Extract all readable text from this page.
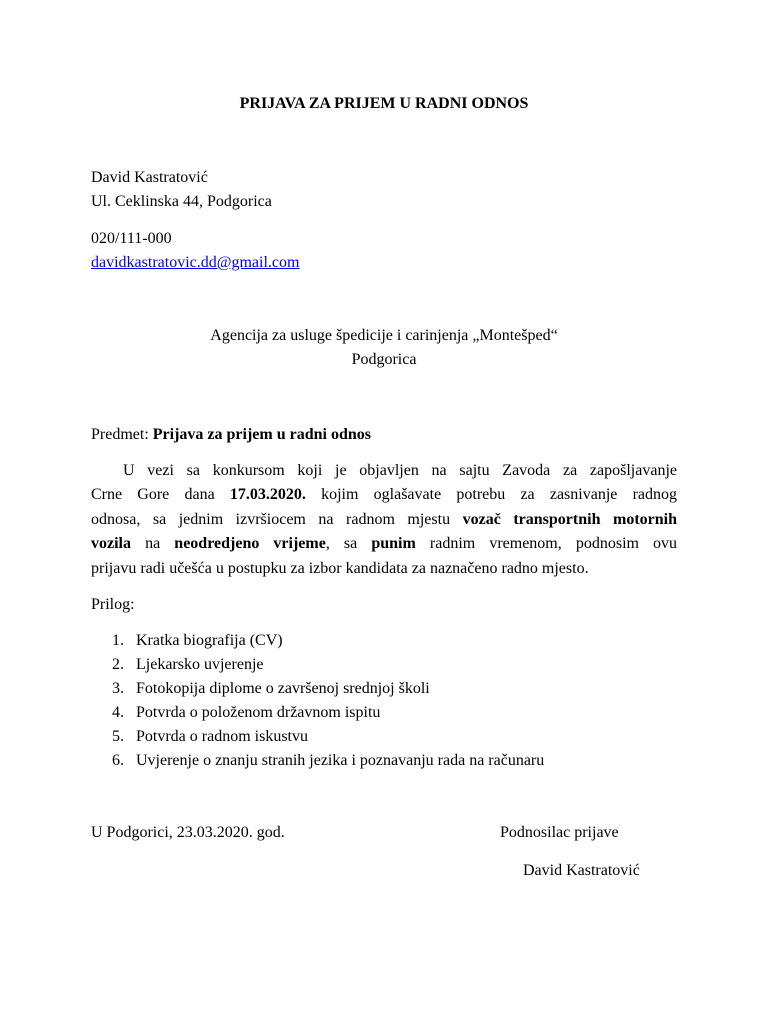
PRIJAVA ZA PRIJEM U RADNI ODNOS
David Kastratović
Ul. Ceklinska 44, Podgorica
020/111-000
davidkastratovic.dd@gmail.com
Agencija za usluge špedicije i carinjenja „Montešped“
Podgorica
Predmet: Prijava za prijem u radni odnos
U vezi sa konkursom koji je objavljen na sajtu Zavoda za zapošljavanje
Crne Gore dana 17.03.2020. kojim oglašavate potrebu za zasnivanje radnog
odnosa, sa jednim izvršiocem na radnom mjestu vozač transportnih motornih
vozila na neodredjeno vrijeme, sa punim radnim vremenom, podnosim ovu
prijavu radi učešća u postupku za izbor kandidata za naznačeno radno mjesto.
Prilog:
1. Kratka biografija (CV)
2. Ljekarsko uvjerenje
3. Fotokopija diplome o završenoj srednjoj školi
4. Potvrda o položenom državnom ispitu
5. Potvrda o radnom iskustvu
6. Uvjerenje o znanju stranih jezika i poznavanju rada na računaru
U Podgorici, 23.03.2020. god.	Podnosilac prijave
David Kastratović
